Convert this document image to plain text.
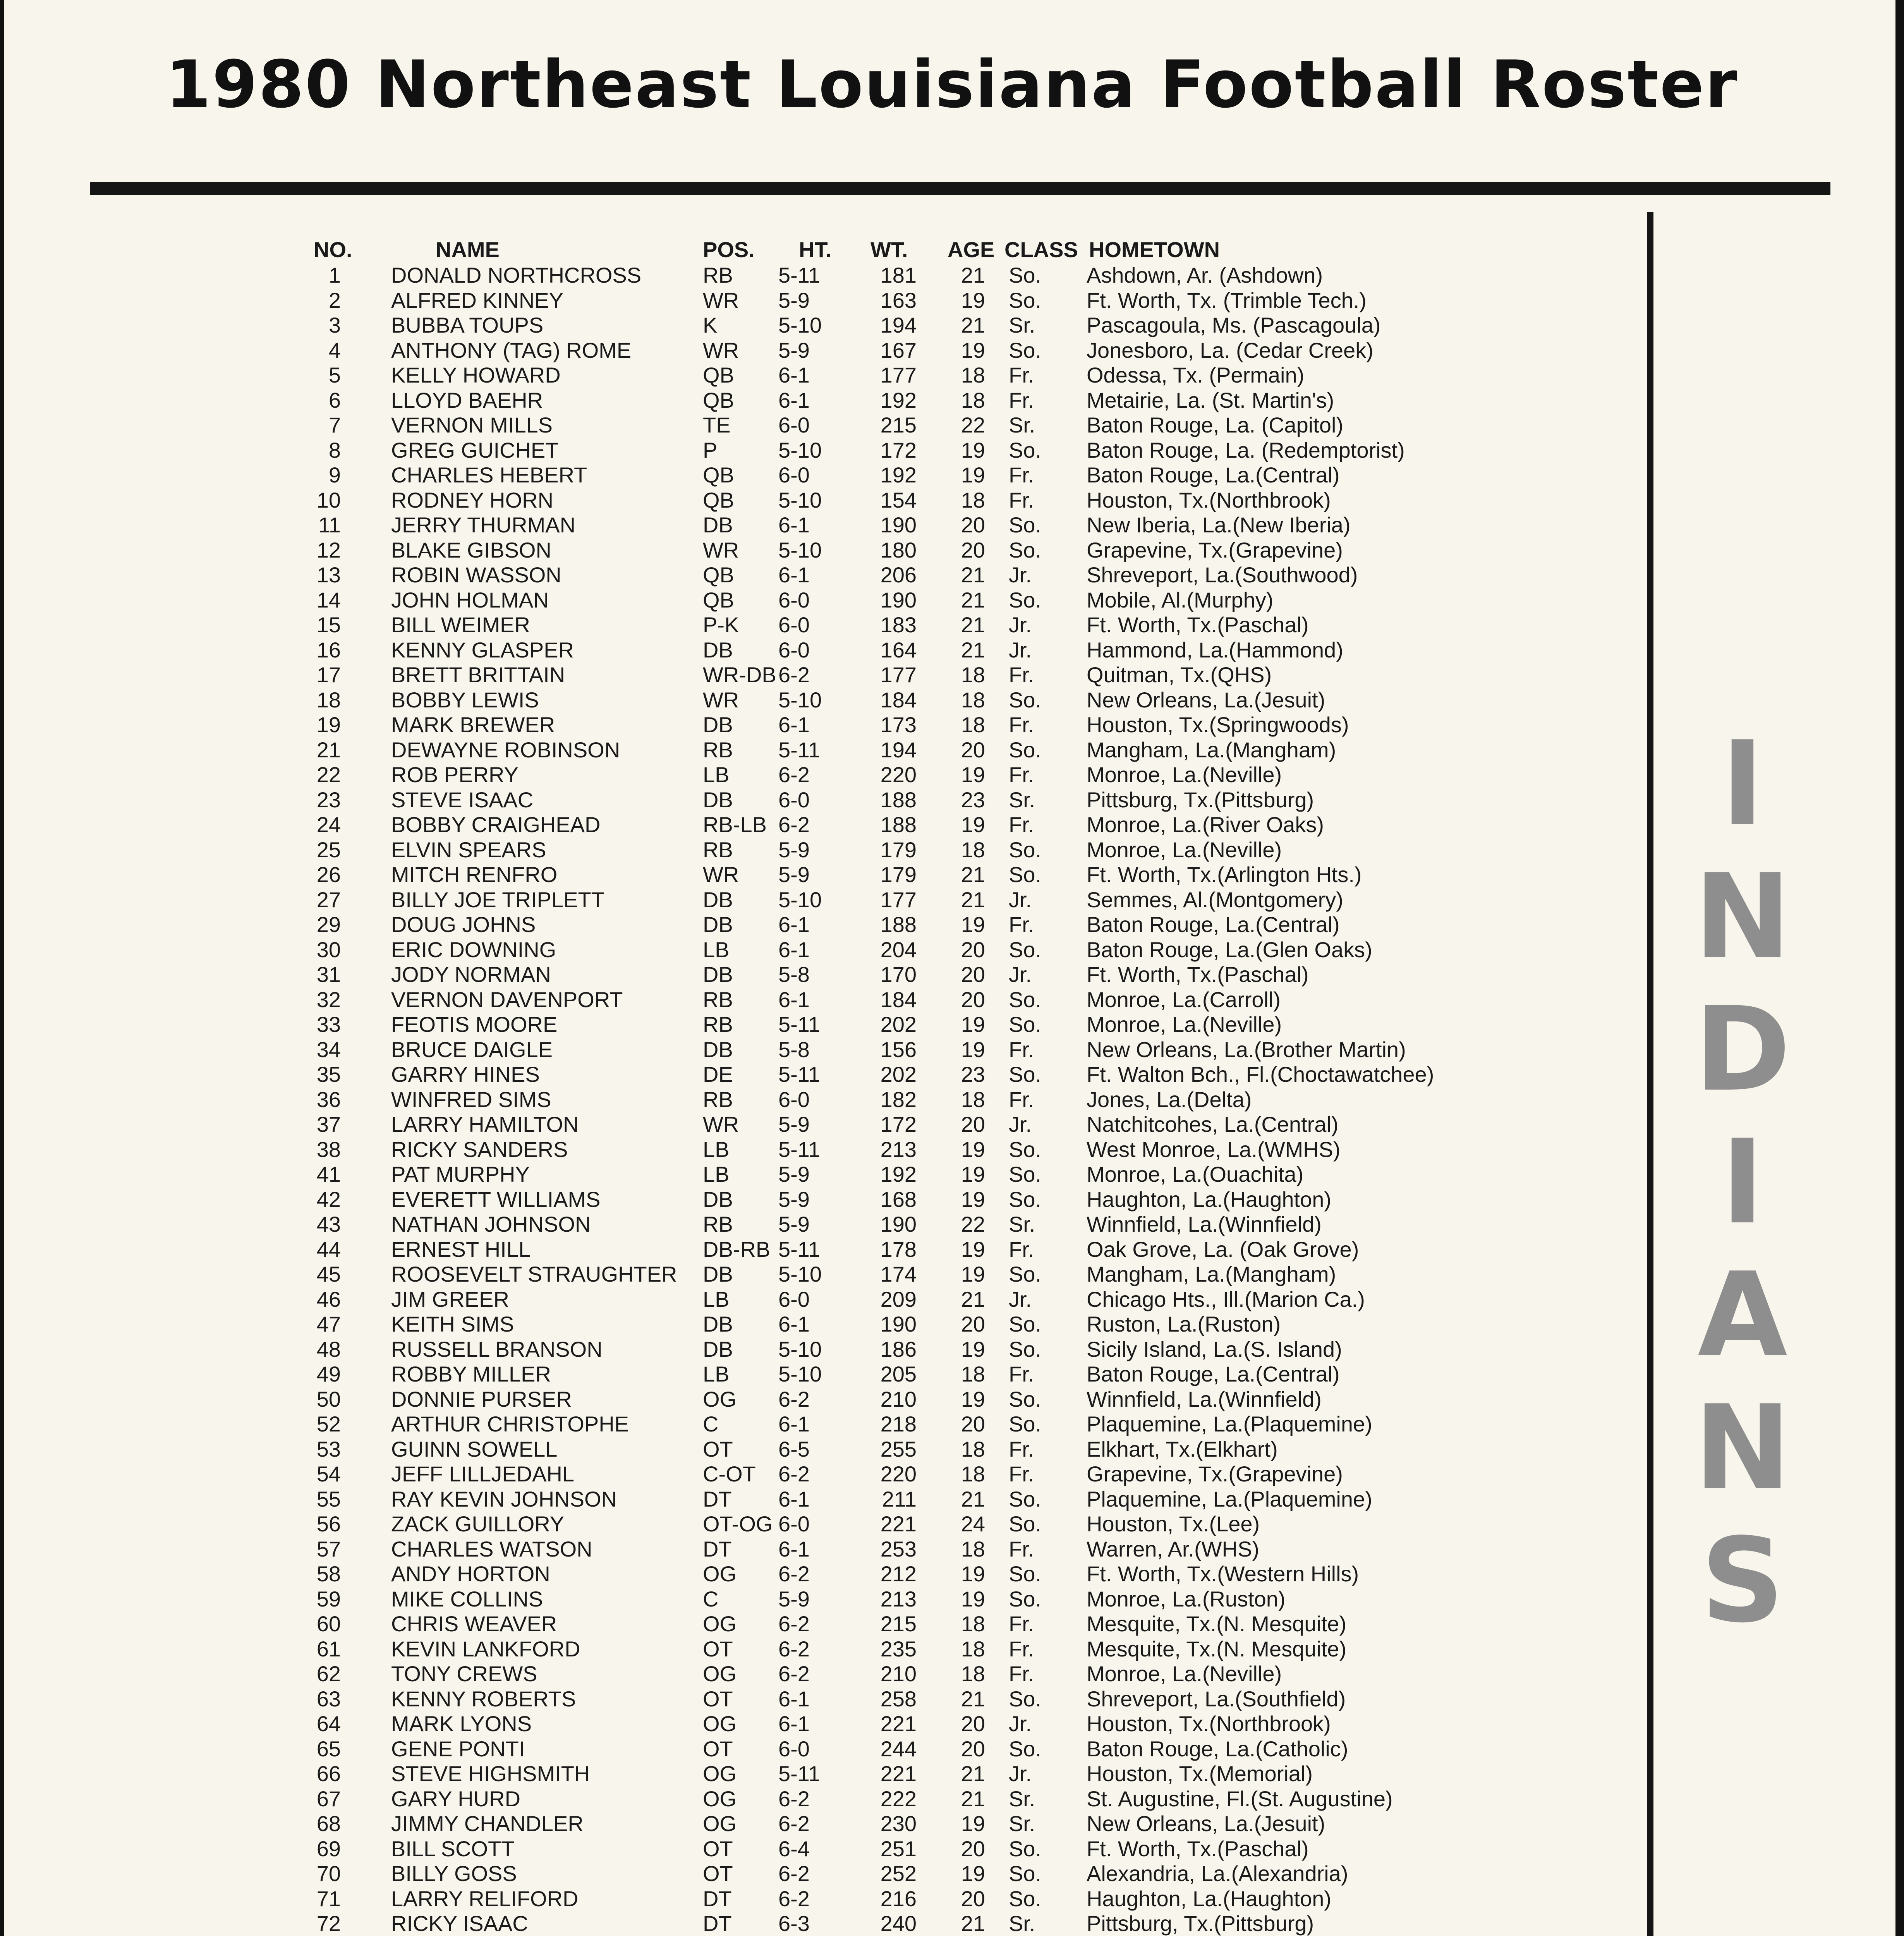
1980 Northeast Louisiana Football Roster
NO.	NAME	POS. HT. WT. AGE CLASS HOMETOWN
1 DONALD NORTHCROSS	RB 5-11	181 21 So. Ashdown, Ar. (Ashdown)
2 ALFRED KINNEY	WR 5-9	163 19 So. Ft. Worth, Tx. (Trimble Tech.)
3 BUBBA TOUPS	K	5-10	194 21 Sr. Pascagoula, Ms. (Pascagoula)
4 ANTHONY (TAG) ROME	WR 5-9	167 19 So. Jonesboro, La. (Cedar Creek)
5 KELLY HOWARD	QB 6-1	177 18 Fr. Odessa, Tx. (Permain)
6 LLOYD BAEHR	QB 6-1	192 18 Fr. Metairie, La. (St. Martin's)
7 VERNON MILLS	TE 6-0	215 22 Sr. Baton Rouge, La. (Capitol)
8 GREG GUICHET	P	5-10	172 19 So. Baton Rouge, La. (Redemptorist)
9 CHARLES HEBERT	QB 6-0	192 19 Fr. Baton Rouge, La.(Central)
10 RODNEY HORN	QB 5-10	154 18 Fr. Houston, Tx.(Northbrook)
11 JERRY THURMAN	DB 6-1	190 20 So. New Iberia, La.(New Iberia)
12 BLAKE GIBSON	WR 5-10	180 20 So. Grapevine, Tx.(Grapevine)
13 ROBIN WASSON	QB 6-1	206 21 Jr.	Shreveport, La.(Southwood)
14 JOHN HOLMAN	QB 6-0	190 21 So. Mobile, Al.(Murphy)
15 BILL WEIMER	P-K 6-0	183 21 Jr.	Ft. Worth, Tx.(Paschal)
16 KENNY GLASPER	DB 6-0	164 21 Jr.	Hammond, La.(Hammond)
17 BRETT BRITTAIN	WR-DB 6-2	177 18 Fr. Quitman, Tx.(QHS)
18 BOBBY LEWIS	WR 5-10	184 18 So. New Orleans, La.(Jesuit)
19 MARK BREWER	DB 6-1	173 18 Fr. Houston, Tx.(Springwoods)
21 DEWAYNE ROBINSON	RB 5-11	194 20 So. Mangham, La.(Mangham)
22 ROB PERRY	LB 6-2	220 19 Fr. Monroe, La.(Neville)
23 STEVE ISAAC	DB 6-0	188 23 Sr. Pittsburg, Tx.(Pittsburg)
24 BOBBY CRAIGHEAD	RB-LB 6-2	188 19 Fr. Monroe, La.(River Oaks)
25 ELVIN SPEARS	RB 5-9	179 18 So. Monroe, La.(Neville)
26 MITCH RENFRO	WR 5-9	179 21 So. Ft. Worth, Tx.(Arlington Hts.)
27 BILLY JOE TRIPLETT	DB 5-10	177 21 Jr.	Semmes, Al.(Montgomery)
29 DOUG JOHNS	DB 6-1	188 19 Fr. Baton Rouge, La.(Central)
30 ERIC DOWNING	LB 6-1	204 20 So. Baton Rouge, La.(Glen Oaks)
31 JODY NORMAN	DB 5-8	170 20 Jr.	Ft. Worth, Tx.(Paschal)
32 VERNON DAVENPORT	RB 6-1	184 20 So. Monroe, La.(Carroll)
33 FEOTIS MOORE	RB 5-11	202 19 So. Monroe, La.(Neville)
34 BRUCE DAIGLE	DB 5-8	156 19 Fr. New Orleans, La.(Brother Martin)
35 GARRY HINES	DE 5-11	202 23 So. Ft. Walton Bch., Fl.(Choctawatchee)
36 WINFRED SIMS	RB 6-0	182 18 Fr. Jones, La.(Delta)
37 LARRY HAMILTON	WR 5-9	172 20 Jr.	Natchitcohes, La.(Central)
38 RICKY SANDERS	LB 5-11	213 19 So. West Monroe, La.(WMHS)
41 PAT MURPHY	LB 5-9	192 19 So. Monroe, La.(Ouachita)
42 EVERETT WILLIAMS	DB 5-9	168 19 So. Haughton, La.(Haughton)
43 NATHAN JOHNSON	RB 5-9	190 22 Sr. Winnfield, La.(Winnfield)
44 ERNEST HILL	DB-RB 5-11	178 19 Fr. Oak Grove, La. (Oak Grove)
45 ROOSEVELT STRAUGHTER DB 5-10	174 19 So. Mangham, La.(Mangham)
46 JIM GREER	LB 6-0	209 21 Jr.	Chicago Hts., Ill.(Marion Ca.)
47 KEITH SIMS	DB 6-1	190 20 So. Ruston, La.(Ruston)
48 RUSSELL BRANSON	DB 5-10	186 19 So. Sicily Island, La.(S. Island)
49 ROBBY MILLER	LB 5-10	205 18 Fr. Baton Rouge, La.(Central)
50 DONNIE PURSER	OG 6-2	210 19 So. Winnfield, La.(Winnfield)
52 ARTHUR CHRISTOPHE	C	6-1	218 20 So. Plaquemine, La.(Plaquemine)
53 GUINN SOWELL	OT 6-5	255 18 Fr. Elkhart, Tx.(Elkhart)
54 JEFF LILLJEDAHL	C-OT 6-2	220 18 Fr. Grapevine, Tx.(Grapevine)
55 RAY KEVIN JOHNSON	DT 6-1	211 21 So. Plaquemine, La.(Plaquemine)
56 ZACK GUILLORY	OT-OG 6-0	221 24 So. Houston, Tx.(Lee)
57 CHARLES WATSON	DT 6-1	253 18 Fr. Warren, Ar.(WHS)
58 ANDY HORTON	OG 6-2	212 19 So. Ft. Worth, Tx.(Western Hills)
59 MIKE COLLINS	C	5-9	213 19 So. Monroe, La.(Ruston)
60 CHRIS WEAVER	OG 6-2	215 18 Fr. Mesquite, Tx.(N. Mesquite)
61 KEVIN LANKFORD	OT 6-2	235 18 Fr. Mesquite, Tx.(N. Mesquite)
62 TONY CREWS	OG 6-2	210 18 Fr. Monroe, La.(Neville)
63 KENNY ROBERTS	OT 6-1	258 21 So. Shreveport, La.(Southfield)
64 MARK LYONS	OG 6-1	221 20 Jr.	Houston, Tx.(Northbrook)
65 GENE PONTI	OT 6-0	244 20 So. Baton Rouge, La.(Catholic)
66 STEVE HIGHSMITH	OG 5-11	221 21 Jr.	Houston, Tx.(Memorial)
67 GARY HURD	OG 6-2	222 21 Sr. St. Augustine, Fl.(St. Augustine)
68 JIMMY CHANDLER	OG 6-2	230 19 Sr. New Orleans, La.(Jesuit)
69 BILL SCOTT	OT 6-4	251 20 So. Ft. Worth, Tx.(Paschal)
70 BILLY GOSS	OT 6-2	252 19 So. Alexandria, La.(Alexandria)
71 LARRY RELIFORD	DT 6-2	216 20 So. Haughton, La.(Haughton)
72 RICKY ISAAC	DT 6-3	240 21 Sr. Pittsburg, Tx.(Pittsburg)
I
N
D
I
A
N
S
